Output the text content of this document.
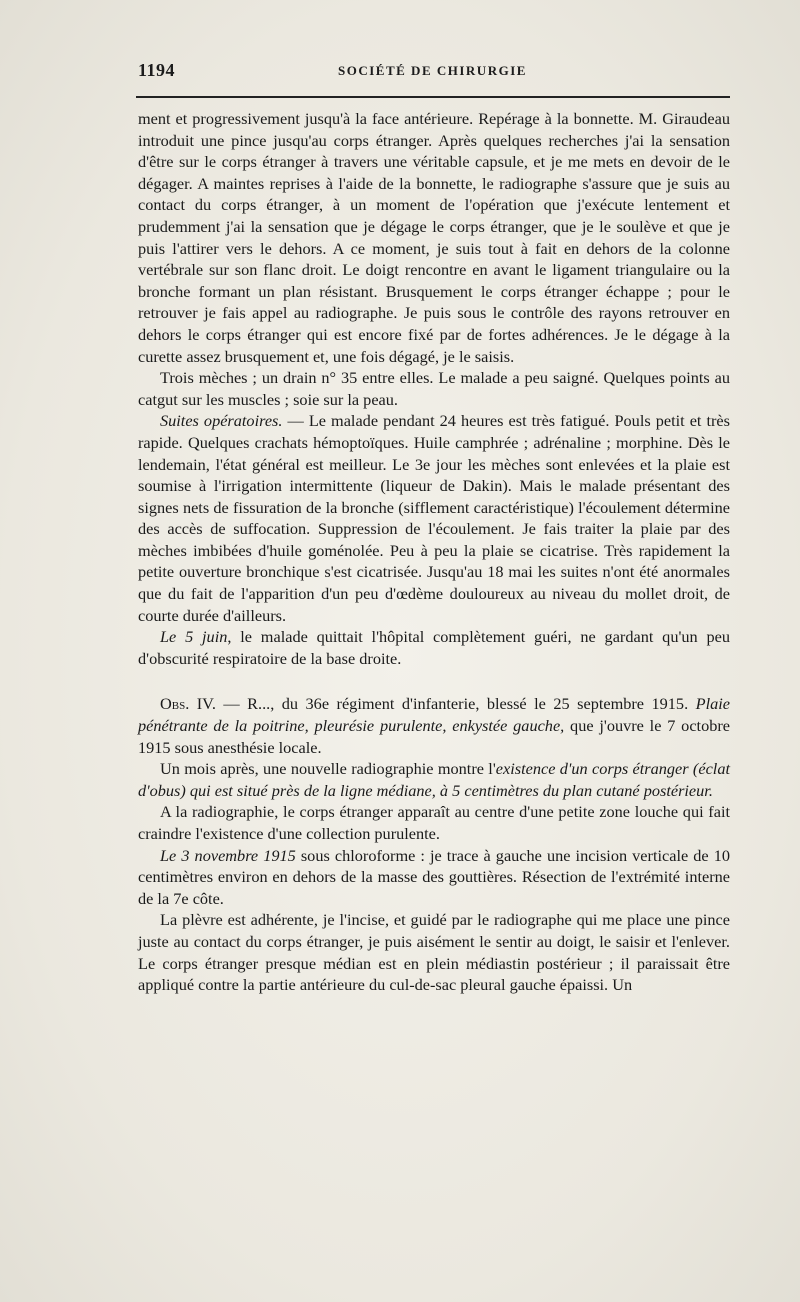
1194	SOCIÉTÉ DE CHIRURGIE

ment et progressivement jusqu'à la face antérieure. Repérage à la bonnette. M. Giraudeau introduit une pince jusqu'au corps étranger. Après quelques recherches j'ai la sensation d'être sur le corps étranger à travers une véritable capsule, et je me mets en devoir de le dégager. A maintes reprises à l'aide de la bonnette, le radiographe s'assure que je suis au contact du corps étranger, à un moment de l'opération que j'exécute lentement et prudemment j'ai la sensation que je dégage le corps étranger, que je le soulève et que je puis l'attirer vers le dehors. A ce moment, je suis tout à fait en dehors de la colonne vertébrale sur son flanc droit. Le doigt rencontre en avant le ligament triangulaire ou la bronche formant un plan résistant. Brusquement le corps étranger échappe ; pour le retrouver je fais appel au radiographe. Je puis sous le contrôle des rayons retrouver en dehors le corps étranger qui est encore fixé par de fortes adhérences. Je le dégage à la curette assez brusquement et, une fois dégagé, je le saisis.

Trois mèches ; un drain n° 35 entre elles. Le malade a peu saigné. Quelques points au catgut sur les muscles ; soie sur la peau.

Suites opératoires. — Le malade pendant 24 heures est très fatigué. Pouls petit et très rapide. Quelques crachats hémoptoïques. Huile camphrée ; adrénaline ; morphine. Dès le lendemain, l'état général est meilleur. Le 3e jour les mèches sont enlevées et la plaie est soumise à l'irrigation intermittente (liqueur de Dakin). Mais le malade présentant des signes nets de fissuration de la bronche (sifflement caractéristique) l'écoulement détermine des accès de suffocation. Suppression de l'écoulement. Je fais traiter la plaie par des mèches imbibées d'huile goménolée. Peu à peu la plaie se cicatrise. Très rapidement la petite ouverture bronchique s'est cicatrisée. Jusqu'au 18 mai les suites n'ont été anormales que du fait de l'apparition d'un peu d'œdème douloureux au niveau du mollet droit, de courte durée d'ailleurs.

Le 5 juin, le malade quittait l'hôpital complètement guéri, ne gardant qu'un peu d'obscurité respiratoire de la base droite.

Obs. IV. — R..., du 36e régiment d'infanterie, blessé le 25 septembre 1915. Plaie pénétrante de la poitrine, pleurésie purulente, enkystée gauche, que j'ouvre le 7 octobre 1915 sous anesthésie locale.

Un mois après, une nouvelle radiographie montre l'existence d'un corps étranger (éclat d'obus) qui est situé près de la ligne médiane, à 5 centimètres du plan cutané postérieur.

A la radiographie, le corps étranger apparaît au centre d'une petite zone louche qui fait craindre l'existence d'une collection purulente.

Le 3 novembre 1915 sous chloroforme : je trace à gauche une incision verticale de 10 centimètres environ en dehors de la masse des gouttières. Résection de l'extrémité interne de la 7e côte.

La plèvre est adhérente, je l'incise, et guidé par le radiographe qui me place une pince juste au contact du corps étranger, je puis aisément le sentir au doigt, le saisir et l'enlever. Le corps étranger presque médian est en plein médiastin postérieur ; il paraissait être appliqué contre la partie antérieure du cul-de-sac pleural gauche épaissi. Un
